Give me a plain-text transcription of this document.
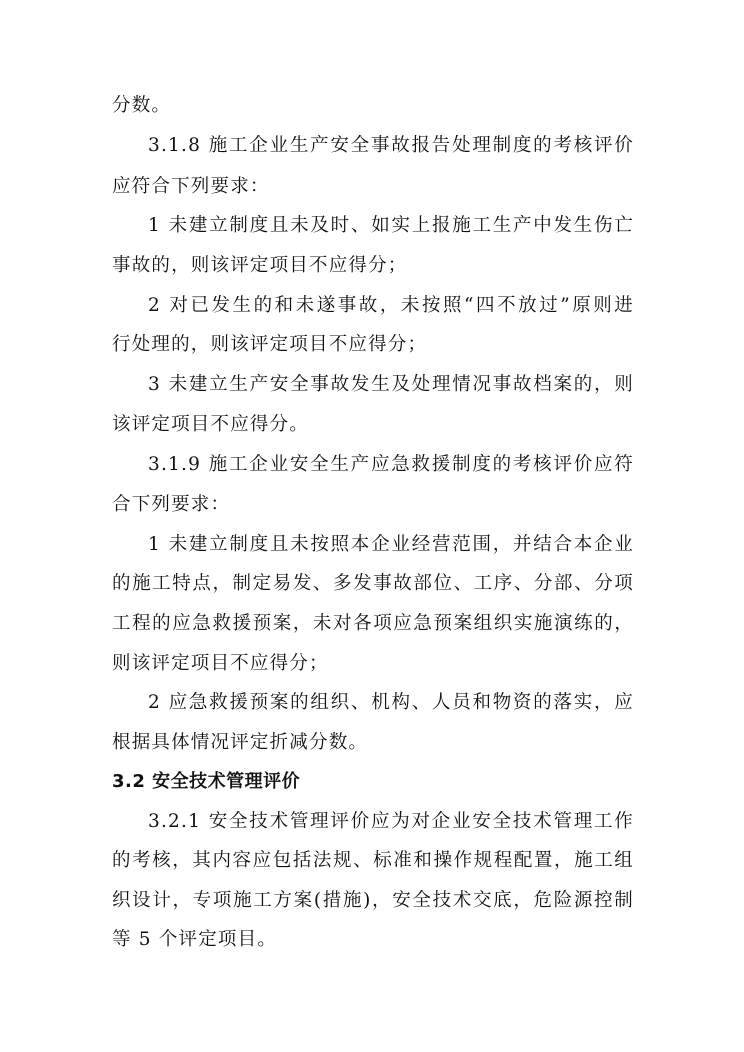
分数。
3.1.8 施工企业生产安全事故报告处理制度的考核评价
应符合下列要求：
1 未建立制度且未及时、如实上报施工生产中发生伤亡
事故的，则该评定项目不应得分；
2 对已发生的和未遂事故，未按照“四不放过”原则进
行处理的，则该评定项目不应得分；
3 未建立生产安全事故发生及处理情况事故档案的，则
该评定项目不应得分。
3.1.9 施工企业安全生产应急救援制度的考核评价应符
合下列要求：
1 未建立制度且未按照本企业经营范围，并结合本企业
的施工特点，制定易发、多发事故部位、工序、分部、分项
工程的应急救援预案，未对各项应急预案组织实施演练的，
则该评定项目不应得分；
2 应急救援预案的组织、机构、人员和物资的落实，应
根据具体情况评定折减分数。
3.2 安全技术管理评价
3.2.1 安全技术管理评价应为对企业安全技术管理工作
的考核，其内容应包括法规、标准和操作规程配置，施工组
织设计，专项施工方案(措施)，安全技术交底，危险源控制
等 5 个评定项目。
